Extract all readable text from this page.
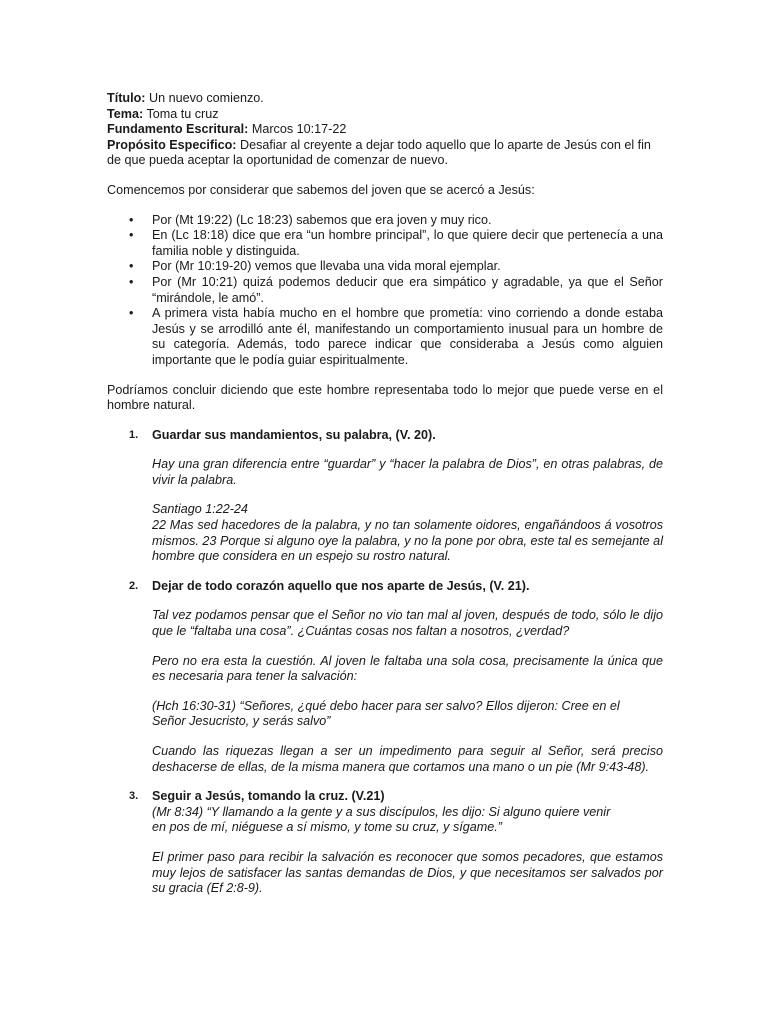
Título: Un nuevo comienzo.

Tema: Toma tu cruz

Fundamento Escritural: Marcos 10:17-22

Propósito Especifico: Desafiar al creyente a dejar todo aquello que lo aparte de Jesús con el fin de que pueda aceptar la oportunidad de comenzar de nuevo.

Comencemos por considerar que sabemos del joven que se acercó a Jesús:

• Por (Mt 19:22) (Lc 18:23) sabemos que era joven y muy rico.
• En (Lc 18:18) dice que era “un hombre principal”, lo que quiere decir que pertenecía a una familia noble y distinguida.
• Por (Mr 10:19-20) vemos que llevaba una vida moral ejemplar.
• Por (Mr 10:21) quizá podemos deducir que era simpático y agradable, ya que el Señor “mirándole, le amó”.
• A primera vista había mucho en el hombre que prometía: vino corriendo a donde estaba Jesús y se arrodilló ante él, manifestando un comportamiento inusual para un hombre de su categoría. Además, todo parece indicar que consideraba a Jesús como alguien importante que le podía guiar espiritualmente.

Podríamos concluir diciendo que este hombre representaba todo lo mejor que puede verse en el hombre natural.

1. Guardar sus mandamientos, su palabra, (V. 20).

Hay una gran diferencia entre “guardar” y “hacer la palabra de Dios”, en otras palabras, de vivir la palabra.

Santiago 1:22-24

22 Mas sed hacedores de la palabra, y no tan solamente oidores, engañándoos á vosotros mismos. 23 Porque si alguno oye la palabra, y no la pone por obra, este tal es semejante al hombre que considera en un espejo su rostro natural.

2. Dejar de todo corazón aquello que nos aparte de Jesús, (V. 21).

Tal vez podamos pensar que el Señor no vio tan mal al joven, después de todo, sólo le dijo que le “faltaba una cosa”. ¿Cuántas cosas nos faltan a nosotros, ¿verdad?

Pero no era esta la cuestión. Al joven le faltaba una sola cosa, precisamente la única que es necesaria para tener la salvación:

(Hch 16:30-31) “Señores, ¿qué debo hacer para ser salvo? Ellos dijeron: Cree en el

Señor Jesucristo, y serás salvo”

Cuando las riquezas llegan a ser un impedimento para seguir al Señor, será preciso deshacerse de ellas, de la misma manera que cortamos una mano o un pie (Mr 9:43-48).

3. Seguir a Jesús, tomando la cruz. (V.21)

(Mr 8:34) “Y llamando a la gente y a sus discípulos, les dijo: Si alguno quiere venir

en pos de mí, niéguese a sí mismo, y tome su cruz, y sígame.”

El primer paso para recibir la salvación es reconocer que somos pecadores, que estamos muy lejos de satisfacer las santas demandas de Dios, y que necesitamos ser salvados por su gracia (Ef 2:8-9).
